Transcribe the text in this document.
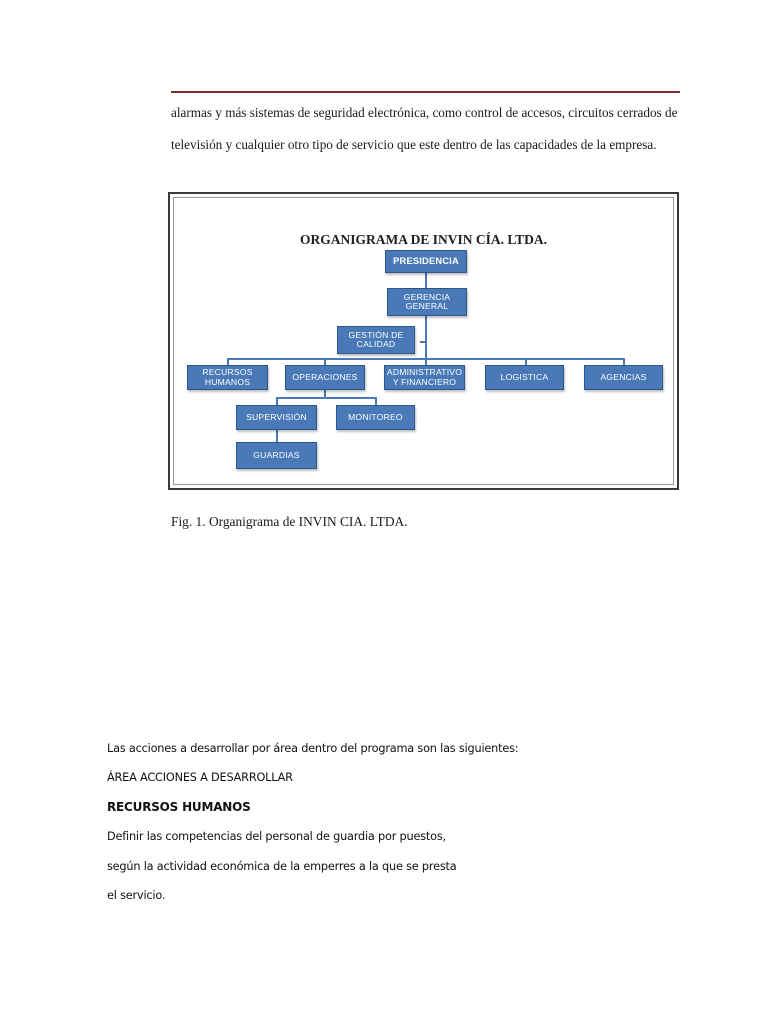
alarmas y más sistemas de seguridad electrónica, como control de accesos, circuitos cerrados de
televisión y cualquier otro tipo de servicio que este dentro de las capacidades de la empresa.
ORGANIGRAMA DE INVIN CÍA. LTDA.
PRESIDENCIA
GERENCIA GENERAL
GESTIÓN DE CALIDAD
RECURSOS HUMANOS	OPERACIONES	ADMINISTRATIVO Y FINANCIERO	LOGISTICA	AGENCIAS
SUPERVISIÓN	MONITOREO
GUARDIAS
Fig. 1. Organigrama de INVIN CIA. LTDA.
Las acciones a desarrollar por área dentro del programa son las siguientes:
ÁREA ACCIONES A DESARROLLAR
RECURSOS HUMANOS
Definir las competencias del personal de guardia por puestos,
según la actividad económica de la emperres a la que se presta
el servicio.
